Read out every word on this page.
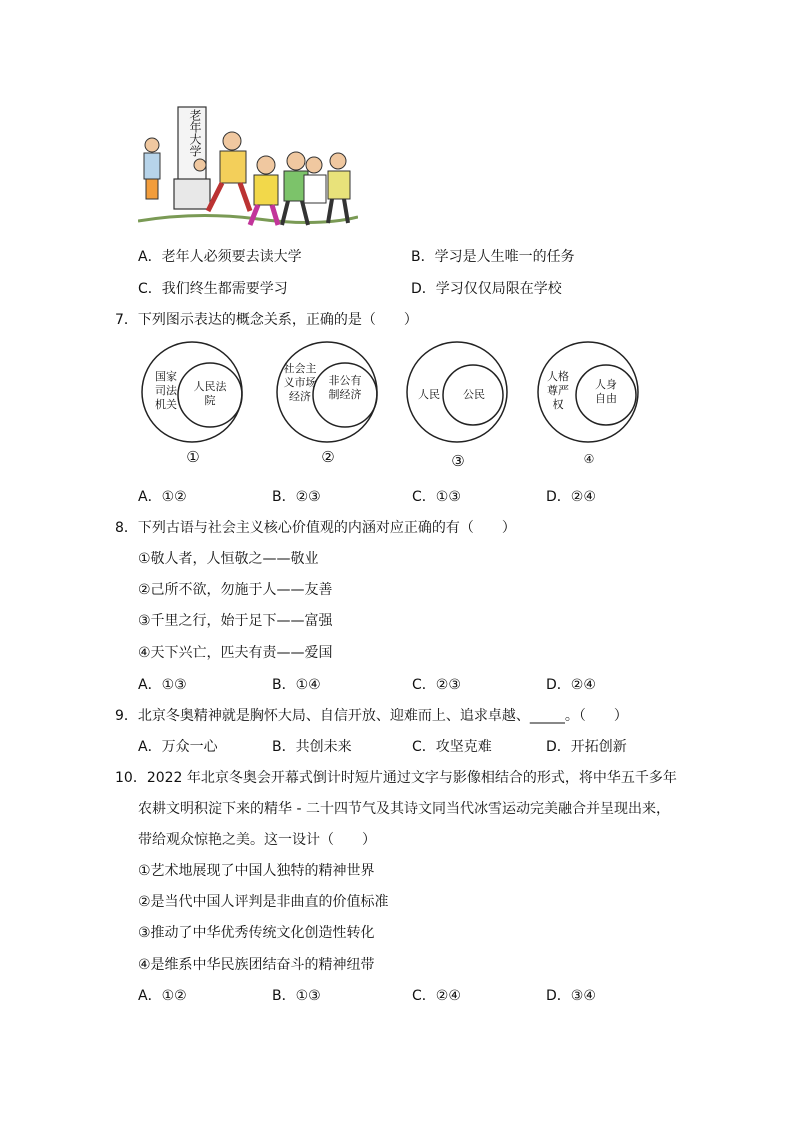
老年大学
A．老年人必须要去读大学	B．学习是人生唯一的任务
C．我们终生都需要学习	D．学习仅仅局限在学校
7．下列图示表达的概念关系，正确的是（　　）
国家司法机关
人民法院
①
社会主义市场经济
非公有制经济
②
人民	公民
③
人格尊严权
人身自由
④
A．①②	B．②③	C．①③	D．②④
8．下列古语与社会主义核心价值观的内涵对应正确的有（　　）
①敬人者，人恒敬之——敬业
②己所不欲，勿施于人——友善
③千里之行，始于足下——富强
④天下兴亡，匹夫有责——爱国
A．①③	B．①④	C．②③	D．②④
9．北京冬奥精神就是胸怀大局、自信开放、迎难而上、追求卓越、_____。（　　）
A．万众一心	B．共创未来	C．攻坚克难	D．开拓创新
10．2022 年北京冬奥会开幕式倒计时短片通过文字与影像相结合的形式，将中华五千多年
农耕文明积淀下来的精华 - 二十四节气及其诗文同当代冰雪运动完美融合并呈现出来，
带给观众惊艳之美。这一设计（　　）
①艺术地展现了中国人独特的精神世界
②是当代中国人评判是非曲直的价值标准
③推动了中华优秀传统文化创造性转化
④是维系中华民族团结奋斗的精神纽带
A．①②	B．①③	C．②④	D．③④
